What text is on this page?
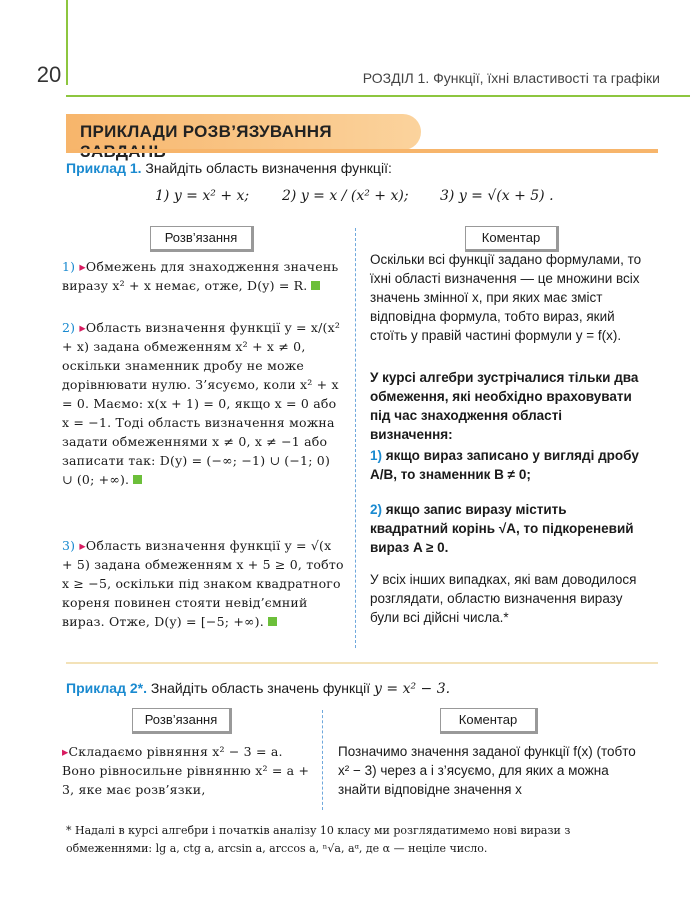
20	РОЗДІЛ 1. Функції, їхні властивості та графіки
ПРИКЛАДИ РОЗВ’ЯЗУВАННЯ
Приклад 1. Знайдіть область визначення функції:
1) y = x² + x; 2) y = x / (x² + x); 3) y = √(x + 5) .
Розв’язання	Коментар
1) ▸Обмежень для знаходження значень виразу x² + x немає, отже, D(y) = R.
2) ▸Область визначення функції y = x/(x² + x) задана обмеженням x² + x ≠ 0, оскільки знаменник дробу не може дорівнювати нулю. З’ясуємо, коли x² + x = 0. Маємо: x(x + 1) = 0, якщо x = 0 або x = −1. Тоді область визначення можна задати обмеженнями x ≠ 0, x ≠ −1 або записати так: D(y) = (−∞; −1) ∪ (−1; 0) ∪ (0; +∞).
3) ▸Область визначення функції y = √(x + 5) задана обмеженням x + 5 ≥ 0, тобто x ≥ −5, оскільки під знаком квадратного кореня повинен стояти невід’ємний вираз. Отже, D(y) = [−5; +∞).
Оскільки всі функції задано формулами, то їхні області визначення — це множини всіх значень змінної x, при яких має зміст відповідна формула, тобто вираз, який стоїть у правій частині формули y = f(x).
У курсі алгебри зустрічалися тільки два обмеження, які необхідно враховувати під час знаходження області визначення:
1) якщо вираз записано у вигляді дробу A/B, то знаменник B ≠ 0;
2) якщо запис виразу містить квадратний корінь √A, то підкореневий вираз A ≥ 0.
У всіх інших випадках, які вам доводилося розглядати, областю визначення виразу були всі дійсні числа.*
Приклад 2*. Знайдіть область значень функції y = x² − 3.
Розв’язання	Коментар
▸Складаємо рівняння x² − 3 = a. Воно рівносильне рівнянню x² = a + 3, яке має розв’язки,
Позначимо значення заданої функції f(x) (тобто x² − 3) через a і з’ясуємо, для яких a можна знайти відповідне значення x
* Надалі в курсі алгебри і початків аналізу 10 класу ми розглядатимемо нові вирази з обмеженнями: lg a, ctg a, arcsin a, arccos a, ⁿ√a, aᵅ, де α — неціле число.
